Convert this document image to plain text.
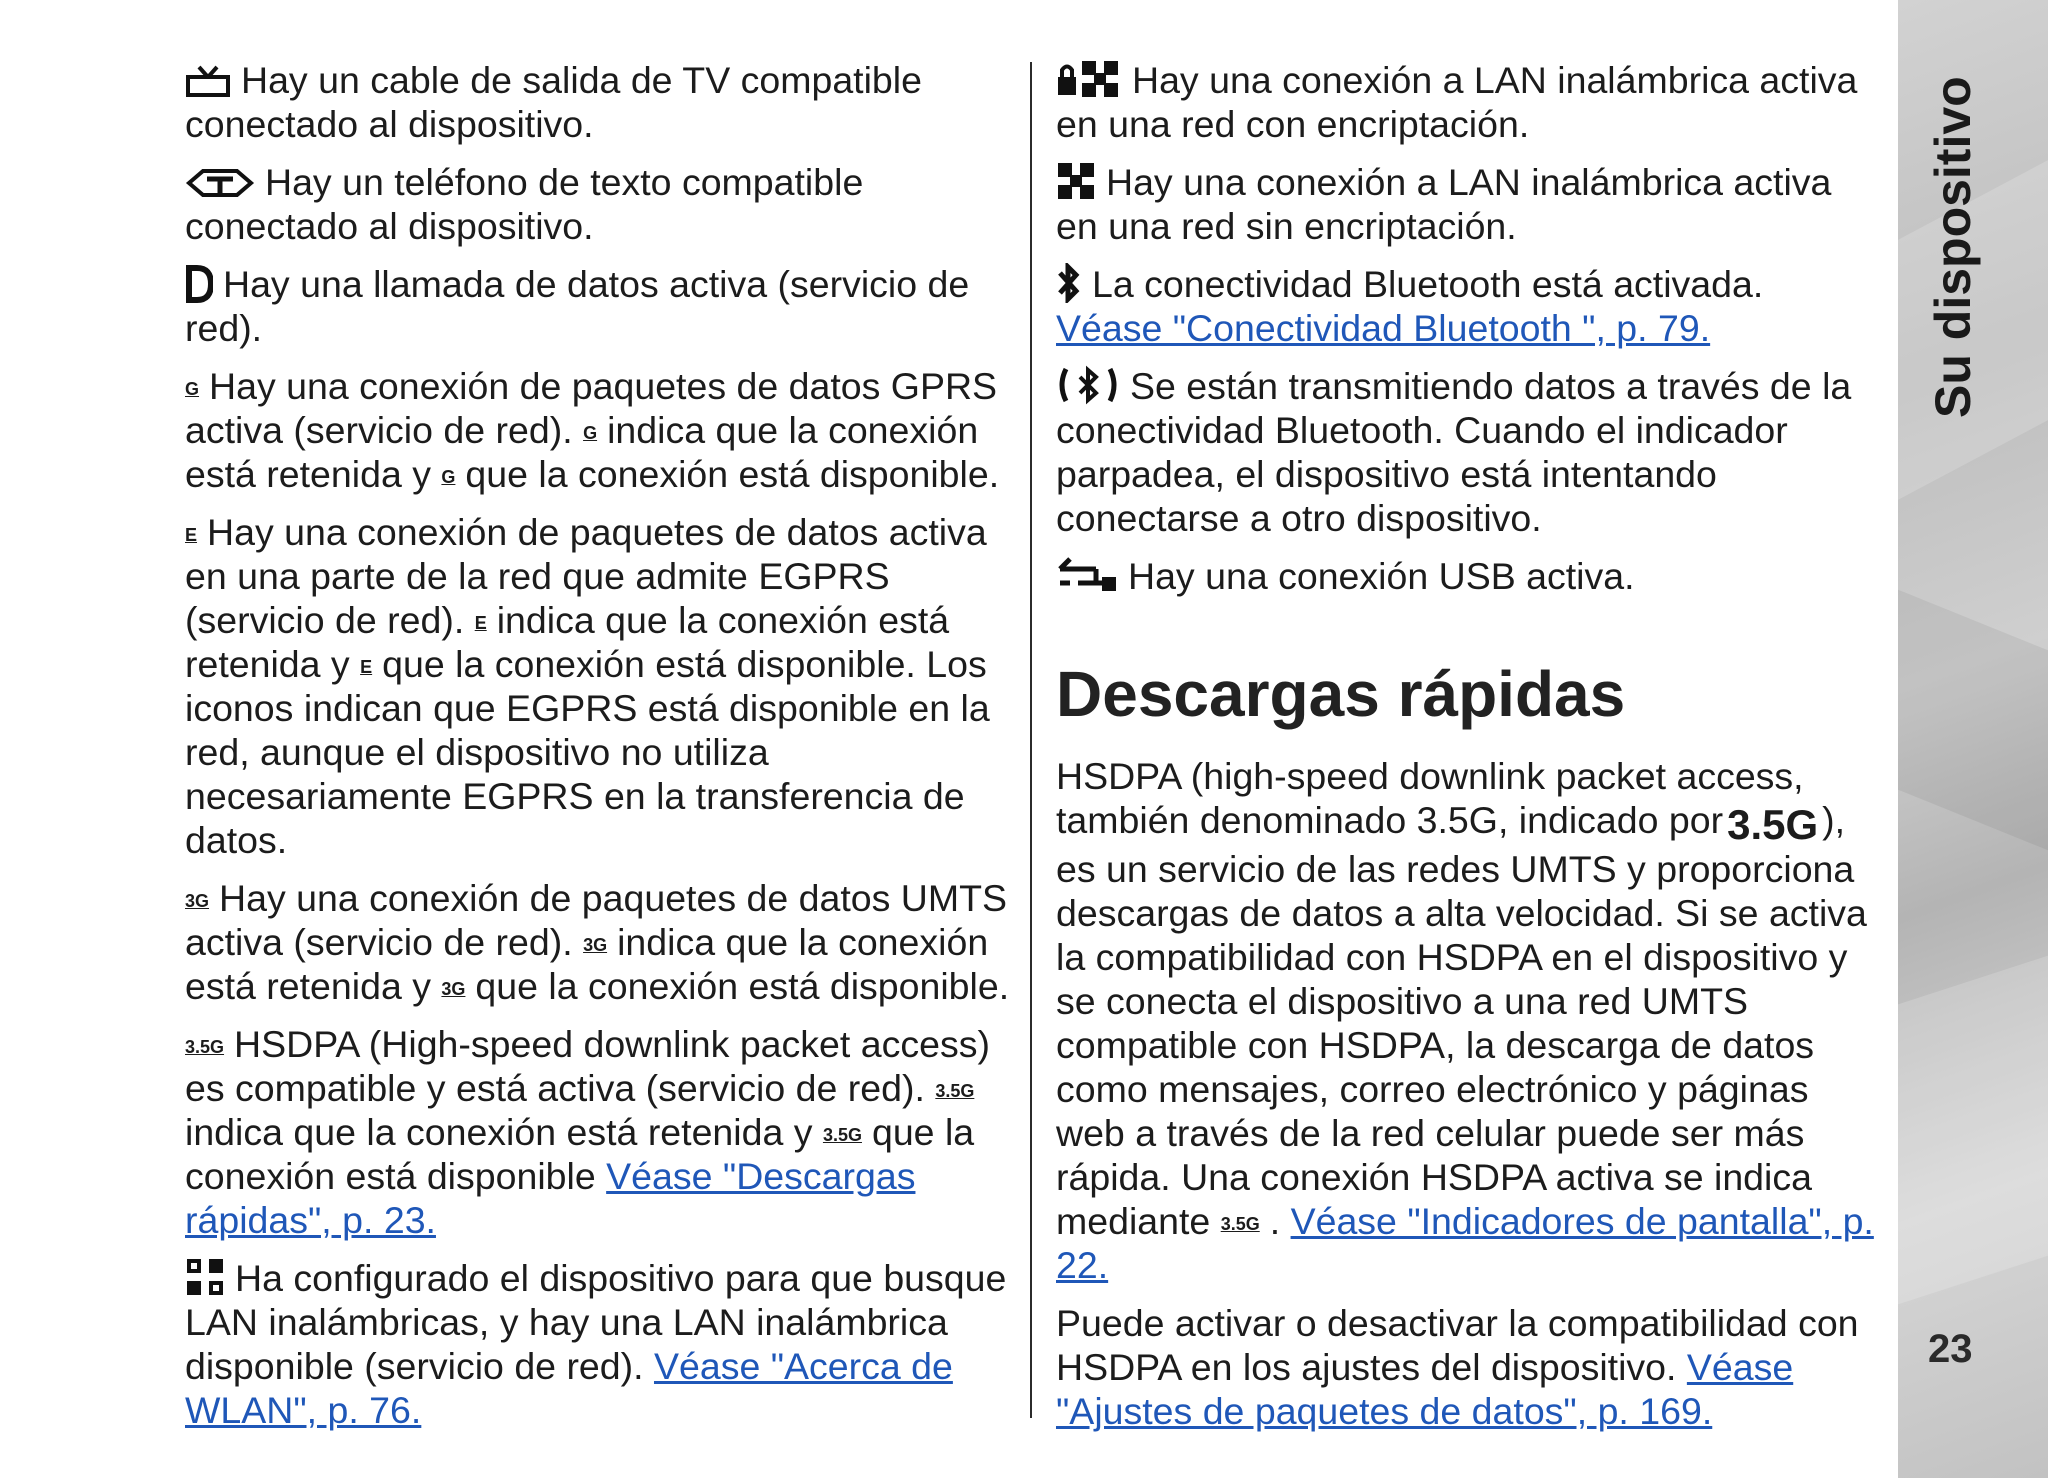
Hay un cable de salida de TV compatible conectado al dispositivo.

Hay un teléfono de texto compatible conectado al dispositivo.

Hay una llamada de datos activa (servicio de red).

G Hay una conexión de paquetes de datos GPRS activa (servicio de red). G indica que la conexión está retenida y G que la conexión está disponible.

E Hay una conexión de paquetes de datos activa en una parte de la red que admite EGPRS (servicio de red). E indica que la conexión está retenida y E que la conexión está disponible. Los iconos indican que EGPRS está disponible en la red, aunque el dispositivo no utiliza necesariamente EGPRS en la transferencia de datos.

3G Hay una conexión de paquetes de datos UMTS activa (servicio de red). 3G indica que la conexión está retenida y 3G que la conexión está disponible.

3.5G HSDPA (High-speed downlink packet access) es compatible y está activa (servicio de red). 3.5Gindica que la conexión está retenida y 3.5G que la conexión está disponible Véase "Descargas rápidas", p. 23.

Ha configurado el dispositivo para que busque LAN inalámbricas, y hay una LAN inalámbrica disponible (servicio de red). Véase "Acerca de WLAN", p. 76.

Hay una conexión a LAN inalámbrica activa en una red con encriptación.

Hay una conexión a LAN inalámbrica activa en una red sin encriptación.

La conectividad Bluetooth está activada. Véase "Conectividad Bluetooth ", p. 79.

Se están transmitiendo datos a través de la conectividad Bluetooth. Cuando el indicador parpadea, el dispositivo está intentando conectarse a otro dispositivo.

Hay una conexión USB activa.

Descargas rápidas

HSDPA (high-speed downlink packet access, también denominado 3.5G, indicado por3.5G ), es un servicio de las redes UMTS y proporciona descargas de datos a alta velocidad. Si se activa la compatibilidad con HSDPA en el dispositivo y se conecta el dispositivo a una red UMTS compatible con HSDPA, la descarga de datos como mensajes, correo electrónico y páginas web a través de la red celular puede ser más rápida. Una conexión HSDPA activa se indica mediante 3.5G . Véase "Indicadores de pantalla", p. 22.

Puede activar o desactivar la compatibilidad con HSDPA en los ajustes del dispositivo. Véase "Ajustes de paquetes de datos", p. 169.

Su dispositivo
23
